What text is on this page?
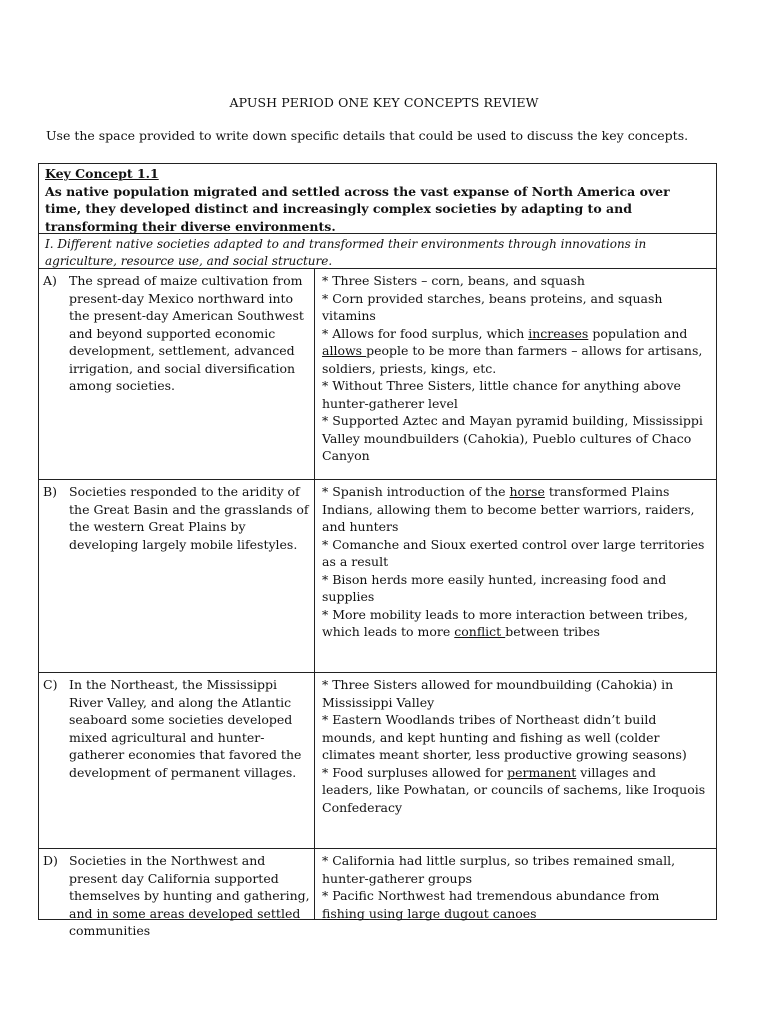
APUSH PERIOD ONE KEY CONCEPTS REVIEW
Use the space provided to write down specific details that could be used to discuss the key concepts.
Key Concept 1.1
As native population migrated and settled across the vast expanse of North America over time, they developed distinct and increasingly complex societies by adapting to and transforming their diverse environments.
I. Different native societies adapted to and transformed their environments through innovations in agriculture, resource use, and social structure.
A) The spread of maize cultivation from present-day Mexico northward into the present-day American Southwest and beyond supported economic development, settlement, advanced irrigation, and social diversification among societies.
* Three Sisters – corn, beans, and squash
* Corn provided starches, beans proteins, and squash vitamins
* Allows for food surplus, which increases population and allows people to be more than farmers – allows for artisans, soldiers, priests, kings, etc.
* Without Three Sisters, little chance for anything above hunter-gatherer level
* Supported Aztec and Mayan pyramid building, Mississippi Valley moundbuilders (Cahokia), Pueblo cultures of Chaco Canyon
B) Societies responded to the aridity of the Great Basin and the grasslands of the western Great Plains by developing largely mobile lifestyles.
* Spanish introduction of the horse transformed Plains Indians, allowing them to become better warriors, raiders, and hunters
* Comanche and Sioux exerted control over large territories as a result
* Bison herds more easily hunted, increasing food and supplies
* More mobility leads to more interaction between tribes, which leads to more conflict between tribes
C) In the Northeast, the Mississippi River Valley, and along the Atlantic seaboard some societies developed mixed agricultural and hunter-gatherer economies that favored the development of permanent villages.
* Three Sisters allowed for moundbuilding (Cahokia) in Mississippi Valley
* Eastern Woodlands tribes of Northeast didn’t build mounds, and kept hunting and fishing as well (colder climates meant shorter, less productive growing seasons)
* Food surpluses allowed for permanent villages and leaders, like Powhatan, or councils of sachems, like Iroquois Confederacy
D) Societies in the Northwest and present day California supported themselves by hunting and gathering, and in some areas developed settled communities
* California had little surplus, so tribes remained small, hunter-gatherer groups
* Pacific Northwest had tremendous abundance from
fishing using large dugout canoes
